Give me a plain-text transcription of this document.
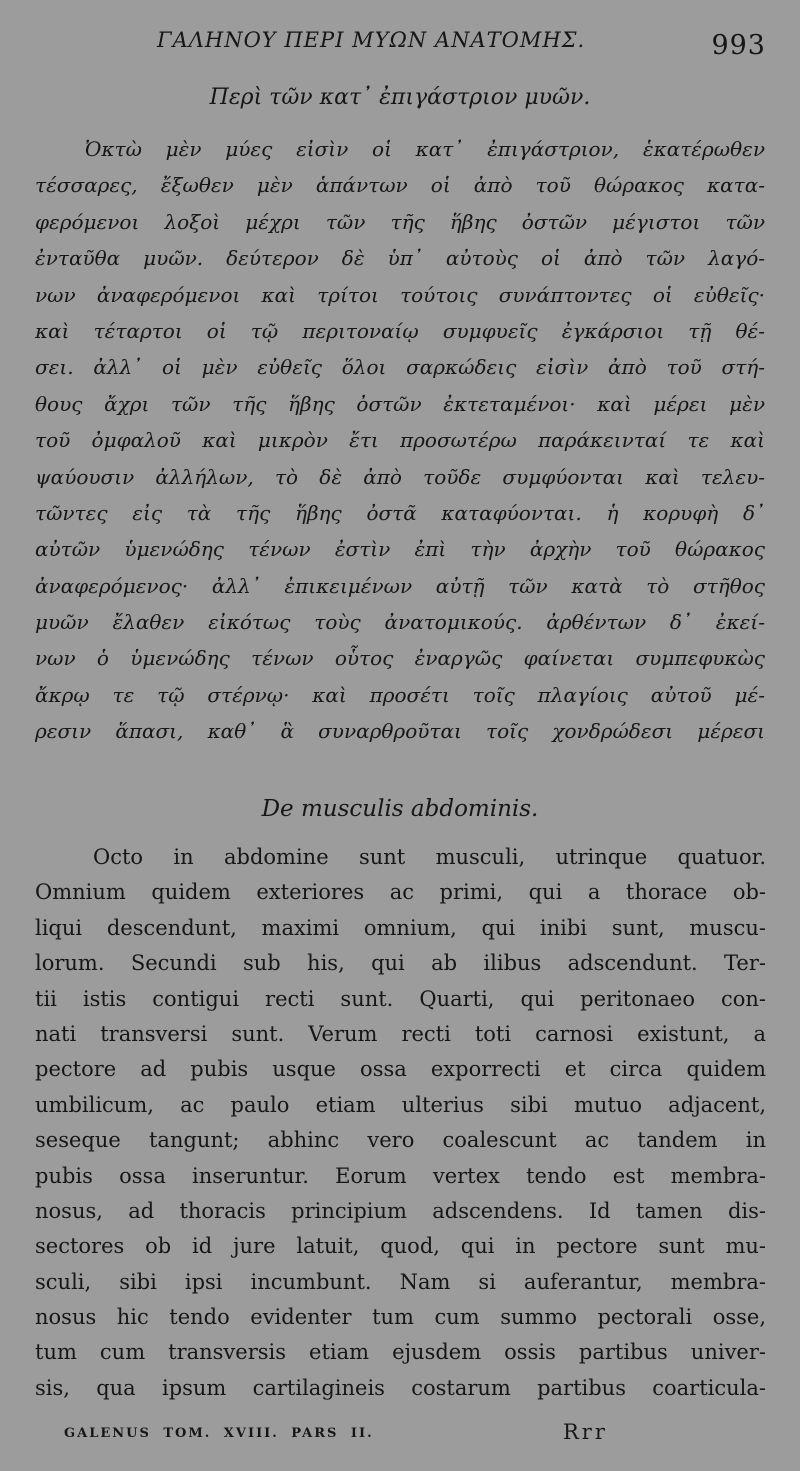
ΓΑΛΗΝΟΥ ΠΕΡΙ ΜΥΩΝ ΑΝΑΤΟΜΗΣ.	993
Περὶ τῶν κατ᾽ ἐπιγάστριον μυῶν.
Ὀκτὼ μὲν μύες εἰσὶν οἱ κατ᾽ ἐπιγάστριον, ἑκατέρωθεν
τέσσαρες, ἔξωθεν μὲν ἁπάντων οἱ ἀπὸ τοῦ θώρακος κατα-
φερόμενοι λοξοὶ μέχρι τῶν τῆς ἥβης ὀστῶν μέγιστοι τῶν
ἐνταῦθα μυῶν. δεύτερον δὲ ὑπ᾽ αὐτοὺς οἱ ἀπὸ τῶν λαγό-
νων ἀναφερόμενοι καὶ τρίτοι τούτοις συνάπτοντες οἱ εὐθεῖς·
καὶ τέταρτοι οἱ τῷ περιτοναίῳ συμφυεῖς ἐγκάρσιοι τῇ θέ-
σει. ἀλλ᾽ οἱ μὲν εὐθεῖς ὅλοι σαρκώδεις εἰσὶν ἀπὸ τοῦ στή-
θους ἄχρι τῶν τῆς ἥβης ὀστῶν ἐκτεταμένοι· καὶ μέρει μὲν
τοῦ ὀμφαλοῦ καὶ μικρὸν ἔτι προσωτέρω παράκεινταί τε καὶ
ψαύουσιν ἀλλήλων, τὸ δὲ ἀπὸ τοῦδε συμφύονται καὶ τελευ-
τῶντες εἰς τὰ τῆς ἥβης ὀστᾶ καταφύονται. ἡ κορυφὴ δ᾽
αὐτῶν ὑμενώδης τένων ἐστὶν ἐπὶ τὴν ἀρχὴν τοῦ θώρακος
ἀναφερόμενος· ἀλλ᾽ ἐπικειμένων αὐτῇ τῶν κατὰ τὸ στῆθος
μυῶν ἔλαθεν εἰκότως τοὺς ἀνατομικούς. ἀρθέντων δ᾽ ἐκεί-
νων ὁ ὑμενώδης τένων οὗτος ἐναργῶς φαίνεται συμπεφυκὼς
ἄκρῳ τε τῷ στέρνῳ· καὶ προσέτι τοῖς πλαγίοις αὐτοῦ μέ-
ρεσιν ἅπασι, καθ᾽ ἃ συναρθροῦται τοῖς χονδρώδεσι μέρεσι
De musculis abdominis.
Octo in abdomine sunt musculi, utrinque quatuor.
Omnium quidem exteriores ac primi, qui a thorace ob-
liqui descendunt, maximi omnium, qui inibi sunt, muscu-
lorum. Secundi sub his, qui ab ilibus adscendunt. Ter-
tii istis contigui recti sunt. Quarti, qui peritonaeo con-
nati transversi sunt. Verum recti toti carnosi existunt, a
pectore ad pubis usque ossa exporrecti et circa quidem
umbilicum, ac paulo etiam ulterius sibi mutuo adjacent,
seseque tangunt; abhinc vero coalescunt ac tandem in
pubis ossa inseruntur. Eorum vertex tendo est membra-
nosus, ad thoracis principium adscendens. Id tamen dis-
sectores ob id jure latuit, quod, qui in pectore sunt mu-
sculi, sibi ipsi incumbunt. Nam si auferantur, membra-
nosus hic tendo evidenter tum cum summo pectorali osse,
tum cum transversis etiam ejusdem ossis partibus univer-
sis, qua ipsum cartilagineis costarum partibus coarticula-
GALENUS TOM. XVIII. PARS II.	Rrr
